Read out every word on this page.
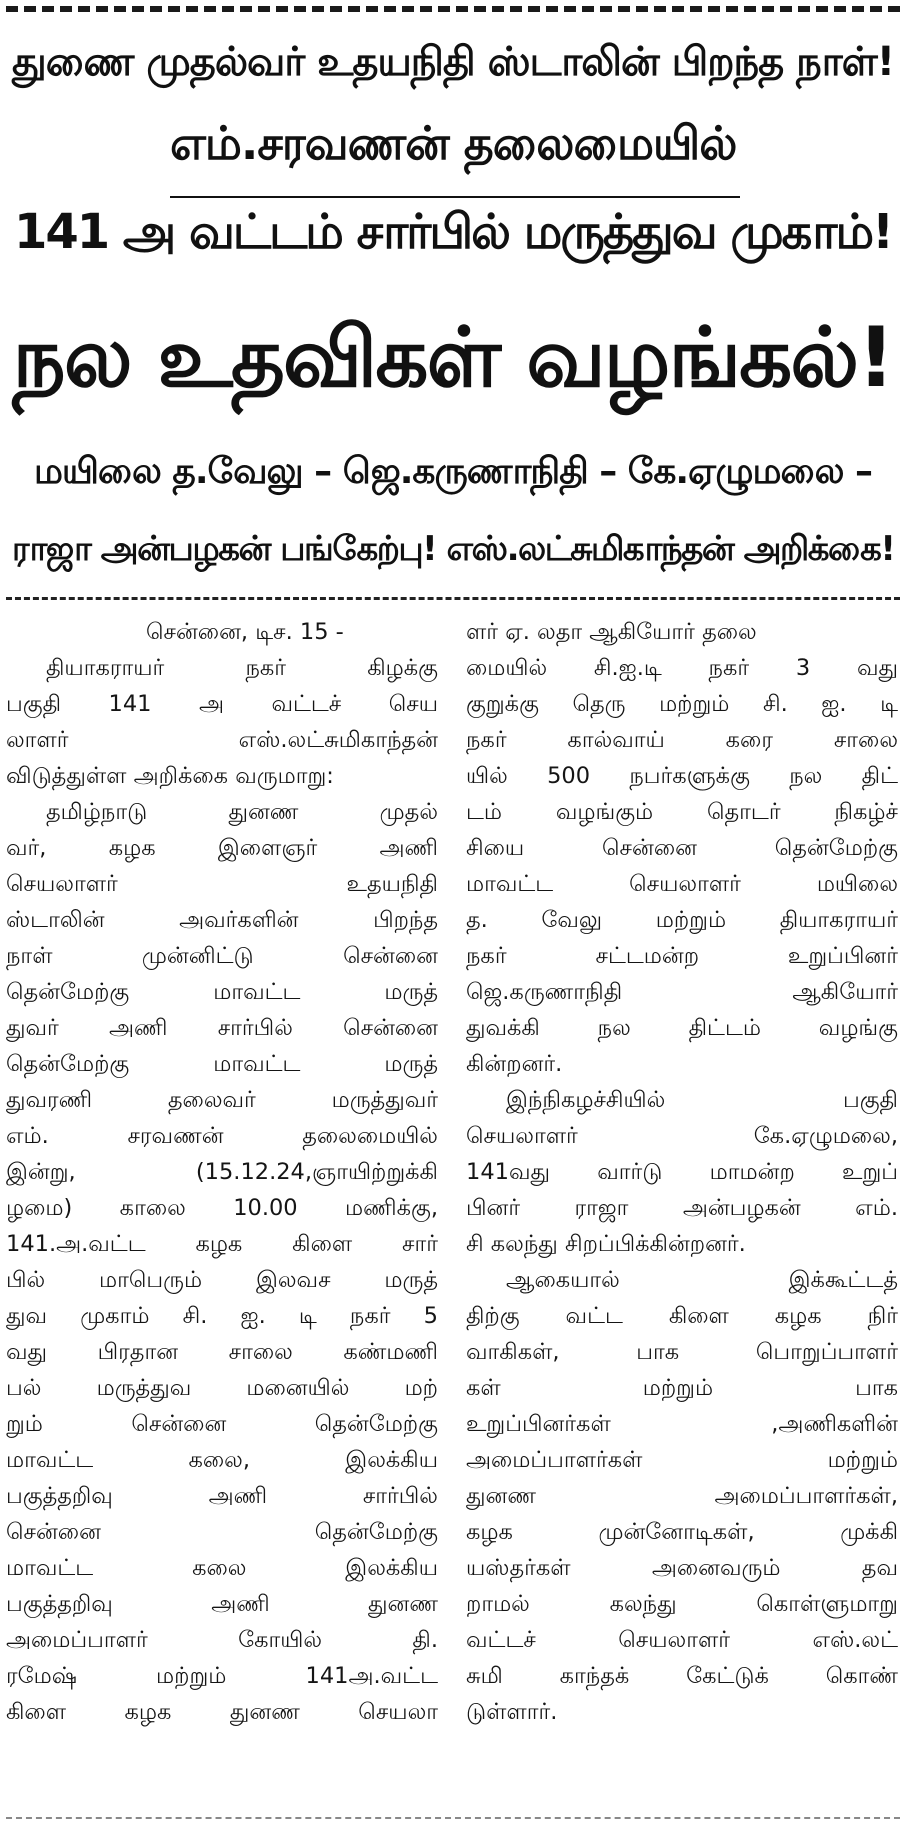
துணை முதல்வர் உதயநிதி ஸ்டாலின் பிறந்த நாள்!
எம்.சரவணன் தலைமையில்
141 அ வட்டம் சார்பில் மருத்துவ முகாம்!
நல உதவிகள் வழங்கல்!
மயிலை த.வேலு – ஜெ.கருணாநிதி – கே.ஏழுமலை –
ராஜா அன்பழகன் பங்கேற்பு! எஸ்.லட்சுமிகாந்தன் அறிக்கை!
சென்னை, டிச. 15 -
தியாகராயர் நகர் கிழக்கு
பகுதி 141 அ வட்டச் செய
லாளர் எஸ்.லட்சுமிகாந்தன்
விடுத்துள்ள அறிக்கை வருமாறு:
தமிழ்நாடு துனண முதல்
வர், கழக இளைஞர் அணி
செயலாளர் உதயநிதி
ஸ்டாலின் அவர்களின் பிறந்த
நாள் முன்னிட்டு சென்னை
தென்மேற்கு மாவட்ட மருத்
துவர் அணி சார்பில் சென்னை
தென்மேற்கு மாவட்ட மருத்
துவரணி தலைவர் மருத்துவர்
எம். சரவணன் தலைமையில்
இன்று, (15.12.24,ஞாயிற்றுக்கி
ழமை) காலை 10.00 மணிக்கு,
141.அ.வட்ட கழக கிளை சார்
பில் மாபெரும் இலவச மருத்
துவ முகாம் சி. ஐ. டி நகர் 5
வது பிரதான சாலை கண்மணி
பல் மருத்துவ மனையில் மற்
றும் சென்னை தென்மேற்கு
மாவட்ட கலை, இலக்கிய
பகுத்தறிவு அணி சார்பில்
சென்னை தென்மேற்கு
மாவட்ட கலை இலக்கிய
பகுத்தறிவு அணி துனண
அமைப்பாளர் கோயில் தி.
ரமேஷ் மற்றும் 141அ.வட்ட
கிளை கழக துனண செயலா
ளர் ஏ. லதா ஆகியோர் தலை
மையில் சி.ஐ.டி நகர் 3 வது
குறுக்கு தெரு மற்றும் சி. ஐ. டி
நகர் கால்வாய் கரை சாலை
யில் 500 நபர்களுக்கு நல திட்
டம் வழங்கும் தொடர் நிகழ்ச்
சியை சென்னை தென்மேற்கு
மாவட்ட செயலாளர் மயிலை
த. வேலு மற்றும் தியாகராயர்
நகர் சட்டமன்ற உறுப்பினர்
ஜெ.கருணாநிதி ஆகியோர்
துவக்கி நல திட்டம் வழங்கு
கின்றனர்.
இந்நிகழச்சியில் பகுதி
செயலாளர் கே.ஏழுமலை,
141வது வார்டு மாமன்ற உறுப்
பினர் ராஜா அன்பழகன் எம்.
சி கலந்து சிறப்பிக்கின்றனர்.
ஆகையால் இக்கூட்டத்
திற்கு வட்ட கிளை கழக நிர்
வாகிகள், பாக பொறுப்பாளர்
கள் மற்றும் பாக
உறுப்பினர்கள் ,அணிகளின்
அமைப்பாளர்கள் மற்றும்
துனண அமைப்பாளர்கள்,
கழக முன்னோடிகள், முக்கி
யஸ்தர்கள் அனைவரும் தவ
றாமல் கலந்து கொள்ளுமாறு
வட்டச் செயலாளர் எஸ்.லட்
சுமி காந்தக் கேட்டுக் கொண்
டுள்ளார்.
